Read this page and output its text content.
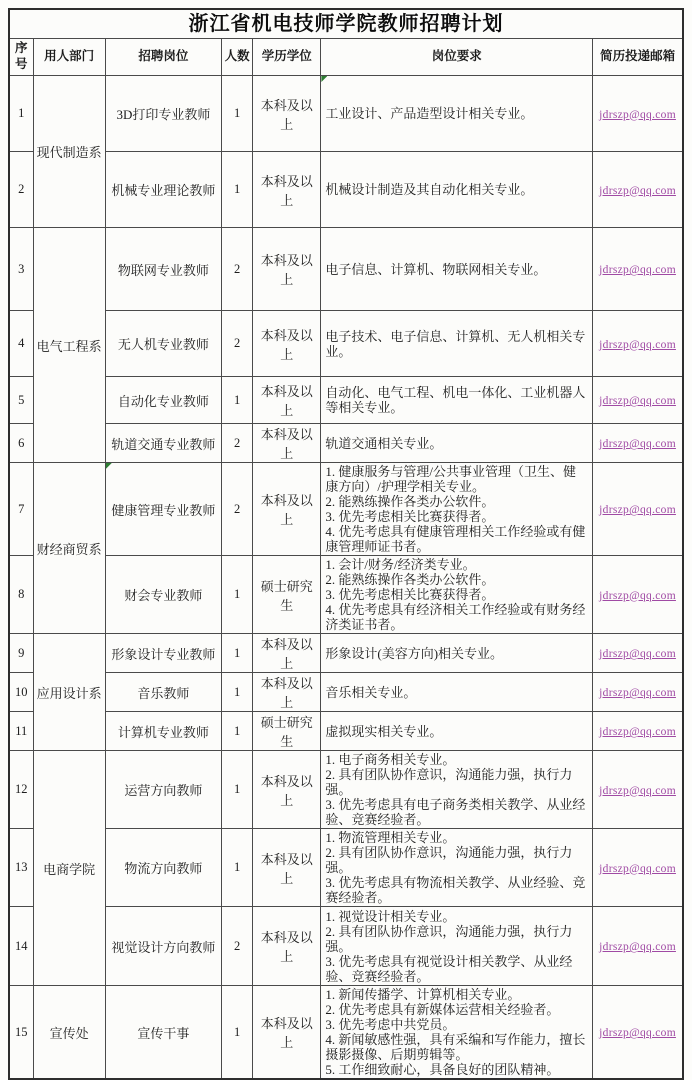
浙江省机电技师学院教师招聘计划						
序号	用人部门	招聘岗位	人数	学历学位	岗位要求	简历投递邮箱
1	现代制造系	3D打印专业教师	1	本科及以上	工业设计、产品造型设计相关专业。	jdrszp@qq.com
2		机械专业理论教师	1	本科及以上	机械设计制造及其自动化相关专业。	jdrszp@qq.com
3	电气工程系	物联网专业教师	2	本科及以上	电子信息、计算机、物联网相关专业。	jdrszp@qq.com
4		无人机专业教师	2	本科及以上	电子技术、电子信息、计算机、无人机相关专业。	jdrszp@qq.com
5		自动化专业教师	1	本科及以上	自动化、电气工程、机电一体化、工业机器人等相关专业。	jdrszp@qq.com
6		轨道交通专业教师	2	本科及以上	轨道交通相关专业。	jdrszp@qq.com
7	财经商贸系	健康管理专业教师	2	本科及以上	1. 健康服务与管理/公共事业管理（卫生、健康方向）/护理学相关专业。
2. 能熟练操作各类办公软件。
3. 优先考虑相关比赛获得者。
4. 优先考虑具有健康管理相关工作经验或有健康管理师证书者。	jdrszp@qq.com
8		财会专业教师	1	硕士研究生	1. 会计/财务/经济类专业。
2. 能熟练操作各类办公软件。
3. 优先考虑相关比赛获得者。
4. 优先考虑具有经济相关工作经验或有财务经济类证书者。	jdrszp@qq.com
9	应用设计系	形象设计专业教师	1	本科及以上	形象设计(美容方向)相关专业。	jdrszp@qq.com
10		音乐教师	1	本科及以上	音乐相关专业。	jdrszp@qq.com
11		计算机专业教师	1	硕士研究生	虚拟现实相关专业。	jdrszp@qq.com
12	电商学院	运营方向教师	1	本科及以上	1. 电子商务相关专业。
2. 具有团队协作意识，沟通能力强，执行力强。
3. 优先考虑具有电子商务类相关教学、从业经验、竞赛经验者。	jdrszp@qq.com
13		物流方向教师	1	本科及以上	1. 物流管理相关专业。
2. 具有团队协作意识，沟通能力强，执行力强。
3. 优先考虑具有物流相关教学、从业经验、竞赛经验者。	jdrszp@qq.com
14		视觉设计方向教师	2	本科及以上	1. 视觉设计相关专业。
2. 具有团队协作意识，沟通能力强，执行力强。
3. 优先考虑具有视觉设计相关教学、从业经验、竞赛经验者。	jdrszp@qq.com
15	宣传处	宣传干事	1	本科及以上	1. 新闻传播学、计算机相关专业。
2. 优先考虑具有新媒体运营相关经验者。
3. 优先考虑中共党员。
4. 新闻敏感性强，具有采编和写作能力，擅长摄影摄像、后期剪辑等。
5. 工作细致耐心，具备良好的团队精神。	jdrszp@qq.com
